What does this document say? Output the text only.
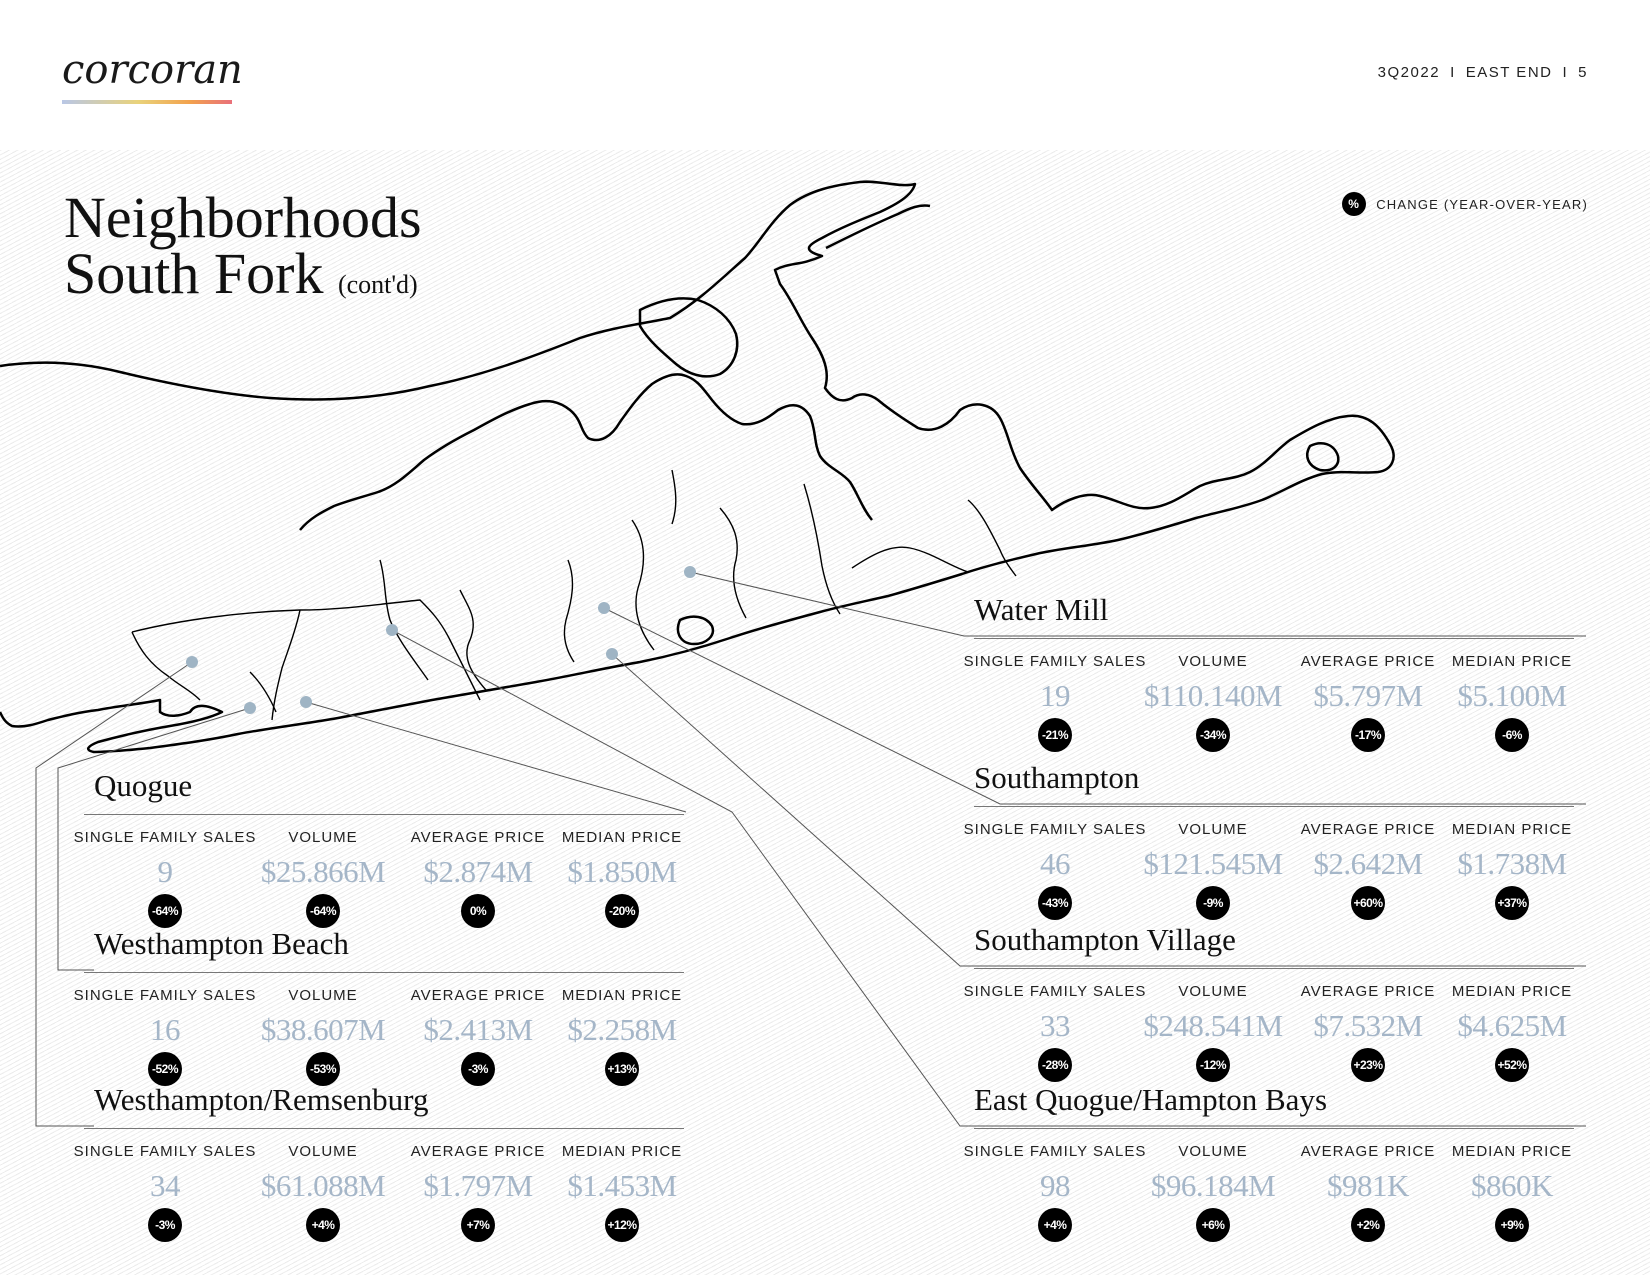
corcoran	3Q2022 I EAST END I 5
Neighborhoods
South Fork (cont'd)
%	CHANGE (YEAR-OVER-YEAR)
Water Mill
SINGLE FAMILY SALES
19
-21%
VOLUME
$110.140M
-34%
AVERAGE PRICE
$5.797M
-17%
MEDIAN PRICE
$5.100M
-6%
Southampton
SINGLE FAMILY SALES
46
-43%
VOLUME
$121.545M
-9%
AVERAGE PRICE
$2.642M
+60%
MEDIAN PRICE
$1.738M
+37%
Southampton Village
SINGLE FAMILY SALES
33
-28%
VOLUME
$248.541M
-12%
AVERAGE PRICE
$7.532M
+23%
MEDIAN PRICE
$4.625M
+52%
East Quogue/Hampton Bays
SINGLE FAMILY SALES
98
+4%
VOLUME
$96.184M
+6%
AVERAGE PRICE
$981K
+2%
MEDIAN PRICE
$860K
+9%
Quogue
SINGLE FAMILY SALES
9
-64%
VOLUME
$25.866M
-64%
AVERAGE PRICE
$2.874M
0%
MEDIAN PRICE
$1.850M
-20%
Westhampton Beach
SINGLE FAMILY SALES
16
-52%
VOLUME
$38.607M
-53%
AVERAGE PRICE
$2.413M
-3%
MEDIAN PRICE
$2.258M
+13%
Westhampton/Remsenburg
SINGLE FAMILY SALES
34
-3%
VOLUME
$61.088M
+4%
AVERAGE PRICE
$1.797M
+7%
MEDIAN PRICE
$1.453M
+12%
